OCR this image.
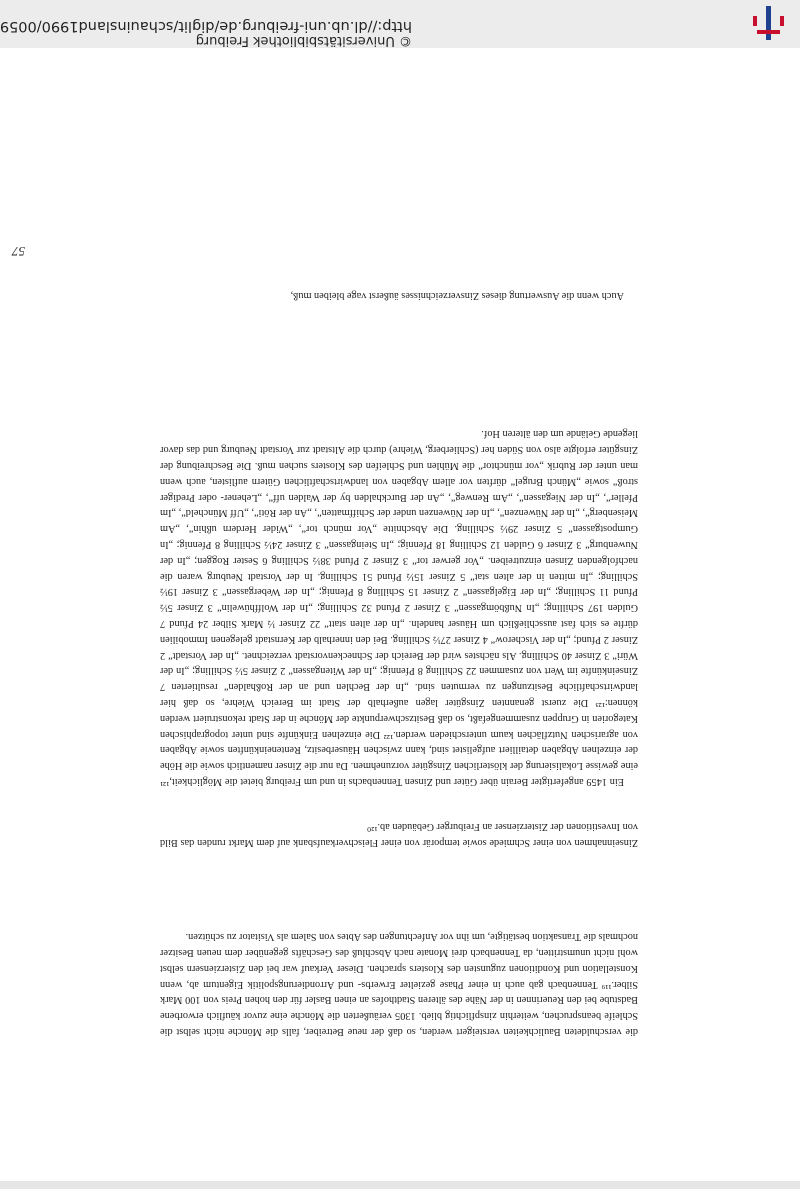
die verschuldeten Baulichkeiten versteigert werden, so daß der neue Betreiber, falls die Mönche nicht selbst die Schleife beanspruchen, weiterhin zinspflichtig blieb. 1305 veräußerten die Mönche eine zuvor käuflich erworbene Badstube bei den Reuerinnen in der Nähe des älteren Stadthofes an einen Basler für den hohen Preis von 100 Mark Silber.¹¹⁹ Tennenbach gab auch in einer Phase gezielter Erwerbs- und Arrondierungspolitik Eigentum ab, wenn Konstellation und Konditionen zugunsten des Klosters sprachen. Dieser Verkauf war bei den Zisterziensern selbst wohl nicht unumstritten, da Tennenbach drei Monate nach Abschluß des Geschäfts gegenüber dem neuen Besitzer nochmals die Transaktion bestätigte, um ihn vor Anfechtungen des Abtes von Salem als Visitator zu schützen.
Zinseinnahmen von einer Schmiede sowie temporär von einer Fleischverkaufsbank auf dem Markt runden das Bild von Investitionen der Zisterzienser an Freiburger Gebäuden ab.¹²⁰
Ein 1459 angefertigter Berain über Güter und Zinsen Tennenbachs in und um Freiburg bietet die Möglichkeit,¹²¹ eine gewisse Lokalisierung der klösterlichen Zinsgüter vorzunehmen. Da nur die Zinser namentlich sowie die Höhe der einzelnen Abgaben detailliert aufgelistet sind, kann zwischen Häuserbesitz, Renteneinkünften sowie Abgaben von agrarischen Nutzflächen kaum unterschieden werden.¹²² Die einzelnen Einkünfte sind unter topographischen Kategorien in Gruppen zusammengefaßt, so daß Besitzschwerpunkte der Mönche in der Stadt rekonstruiert werden können:¹²³ Die zuerst genannten Zinsgüter lagen außerhalb der Stadt im Bereich Wiehre, so daß hier landwirtschaftliche Besitzungen zu vermuten sind. „In der Bechlen und an der Roßhalden“ resultierten 7 Zinseinkünfte im Wert von zusammen 22 Schilling 8 Pfennig; „In der Witengassen“ 2 Zinser 5½ Schilling; „In der Würi“ 3 Zinser 40 Schilling. Als nächstes wird der Bereich der Schneckenvorstadt verzeichnet. „In der Vorstadt“ 2 Zinser 2 Pfund; „In der Vischerow“ 4 Zinser 27½ Schilling. Bei den innerhalb der Kernstadt gelegenen Immobilien dürfte es sich fast ausschließlich um Häuser handeln. „In der alten statt“ 22 Zinser ½ Mark Silber 24 Pfund 7 Gulden 197 Schilling; „In Nußbömgassen“ 3 Zinser 2 Pfund 32 Schilling; „In der Wolffhüwelin“ 3 Zinser 5½ Pfund 11 Schilling; „In der Eigelgassen“ 2 Zinser 15 Schilling 8 Pfennig; „In der Webergassen“ 3 Zinser 19½ Schilling; „In mitten in der alten stat“ 5 Zinser 15½ Pfund 51 Schilling. In der Vorstadt Neuburg waren die nachfolgenden Zinsen einzutreiben. „Vor gerwer tor“ 3 Zinser 2 Pfund 38½ Schilling 6 Sester Roggen; „In der Nuwenburg“ 3 Zinser 6 Gulden 12 Schilling 18 Pfennig; „In Steingassen“ 3 Zinser 24½ Schilling 8 Pfennig; „In Gumpostgassen“ 5 Zinser 29½ Schilling. Die Abschnitte „Vor münch tor“, „Wider Herdern ußhin“, „Am Meisenberg“, „In der Nüwenzen“, „In der Nüwenzen under der Schiffmatten“, „An der Röti“, „Uff Müncheld“, „Im Pfeller“, „In der Niegassen“, „Am Renweg“, „An der Burckhalden by der Walden uff“, „Lehener- oder Prediger stroß“ sowie „Münch Brugel“ dürften vor allem Abgaben von landwirtschaftlichen Gütern auflisten, auch wenn man unter der Rubrik „vor münchtor“ die Mühlen und Schleifen des Klosters suchen muß. Die Beschreibung der Zinsgüter erfolgte also von Süden her (Schlierberg, Wiehre) durch die Altstadt zur Vorstadt Neuburg und das davor liegende Gelände um den älteren Hof.
Auch wenn die Auswertung dieses Zinsverzeichnisses äußerst vage bleiben muß,
57
© Universitätsbibliothek Freiburg
http://dl.ub.uni-freiburg.de/diglit/schauinsland1990/0059
